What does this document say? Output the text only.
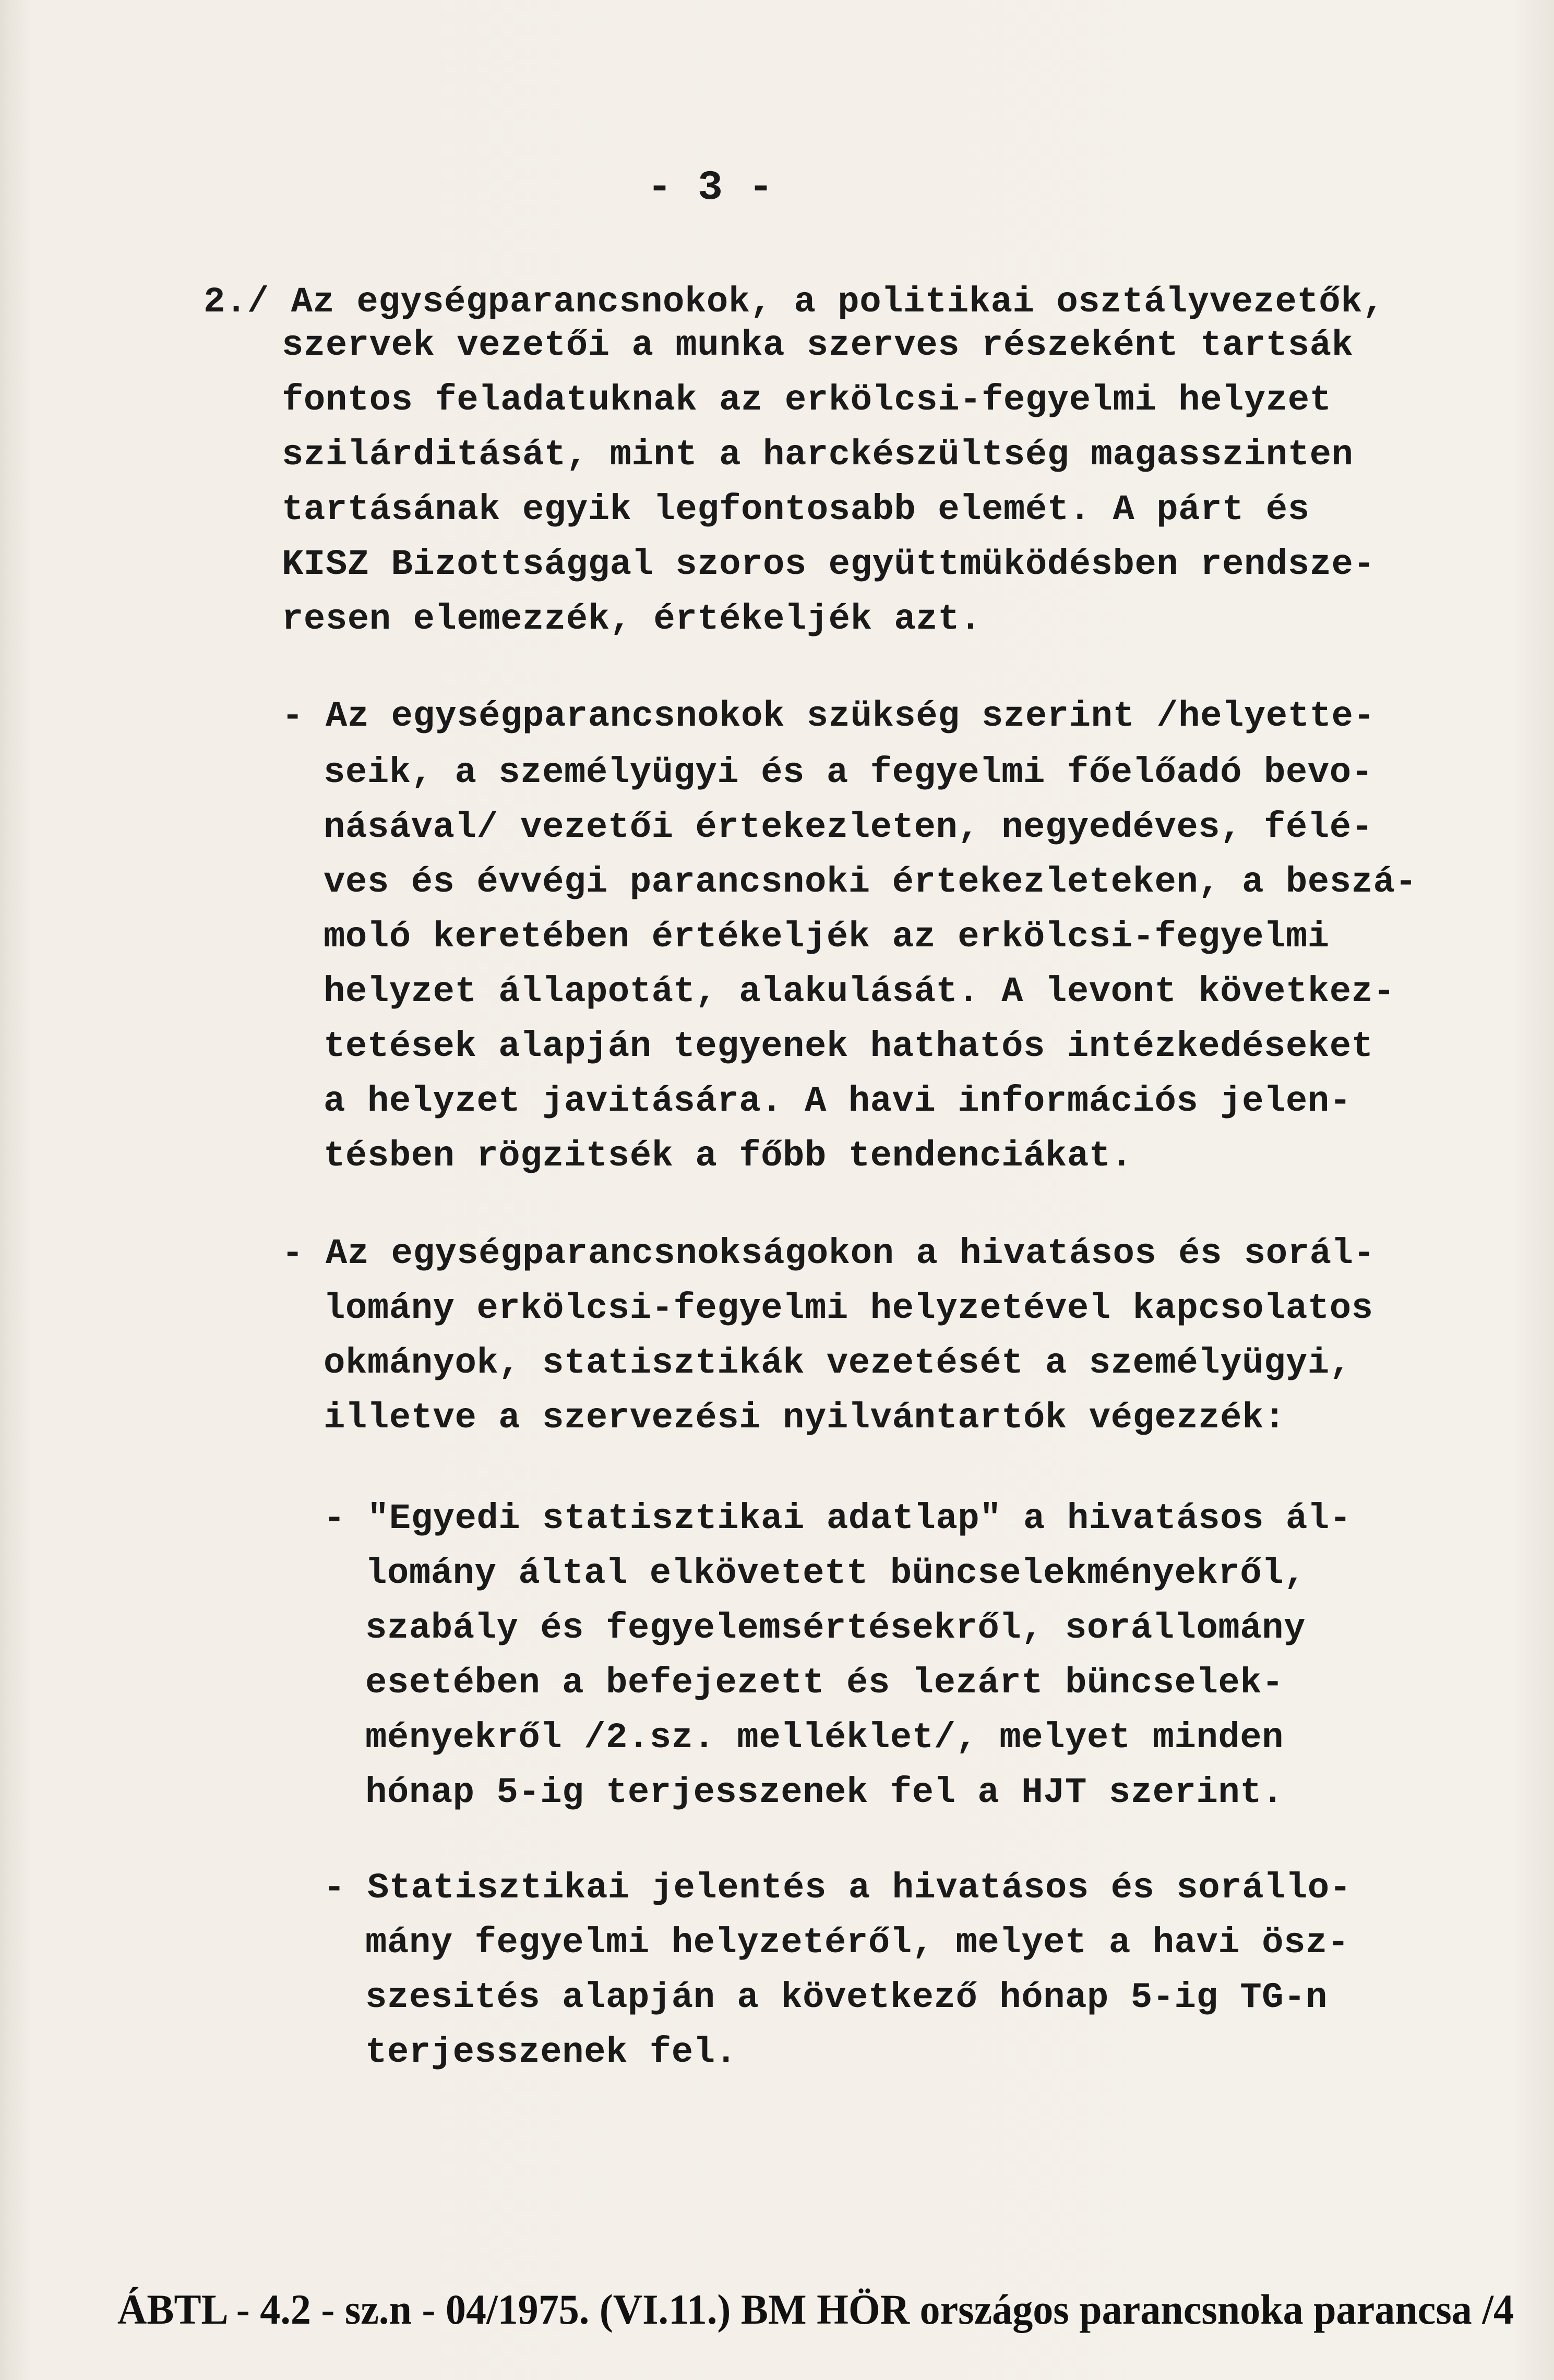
- 3 -
2./ Az egységparancsnokok, a politikai osztályvezetők,
szervek vezetői a munka szerves részeként tartsák
fontos feladatuknak az erkölcsi-fegyelmi helyzet
szilárditását, mint a harckészültség magasszinten
tartásának egyik legfontosabb elemét. A párt és
KISZ Bizottsággal szoros együttmüködésben rendsze-
resen elemezzék, értékeljék azt.
- Az egységparancsnokok szükség szerint /helyette-
seik, a személyügyi és a fegyelmi főelőadó bevo-
násával/ vezetői értekezleten, negyedéves, félé-
ves és évvégi parancsnoki értekezleteken, a beszá-
moló keretében értékeljék az erkölcsi-fegyelmi
helyzet állapotát, alakulását. A levont következ-
tetések alapján tegyenek hathatós intézkedéseket
a helyzet javitására. A havi információs jelen-
tésben rögzitsék a főbb tendenciákat.
- Az egységparancsnokságokon a hivatásos és sorál-
lomány erkölcsi-fegyelmi helyzetével kapcsolatos
okmányok, statisztikák vezetését a személyügyi,
illetve a szervezési nyilvántartók végezzék:
- "Egyedi statisztikai adatlap" a hivatásos ál-
lomány által elkövetett büncselekményekről,
szabály és fegyelemsértésekről, sorállomány
esetében a befejezett és lezárt büncselek-
ményekről /2.sz. melléklet/, melyet minden
hónap 5-ig terjesszenek fel a HJT szerint.
- Statisztikai jelentés a hivatásos és sorállo-
mány fegyelmi helyzetéről, melyet a havi ösz-
szesités alapján a következő hónap 5-ig TG-n
terjesszenek fel.
ÁBTL - 4.2 - sz.n - 04/1975. (VI.11.) BM HÖR országos parancsnoka parancsa /4
